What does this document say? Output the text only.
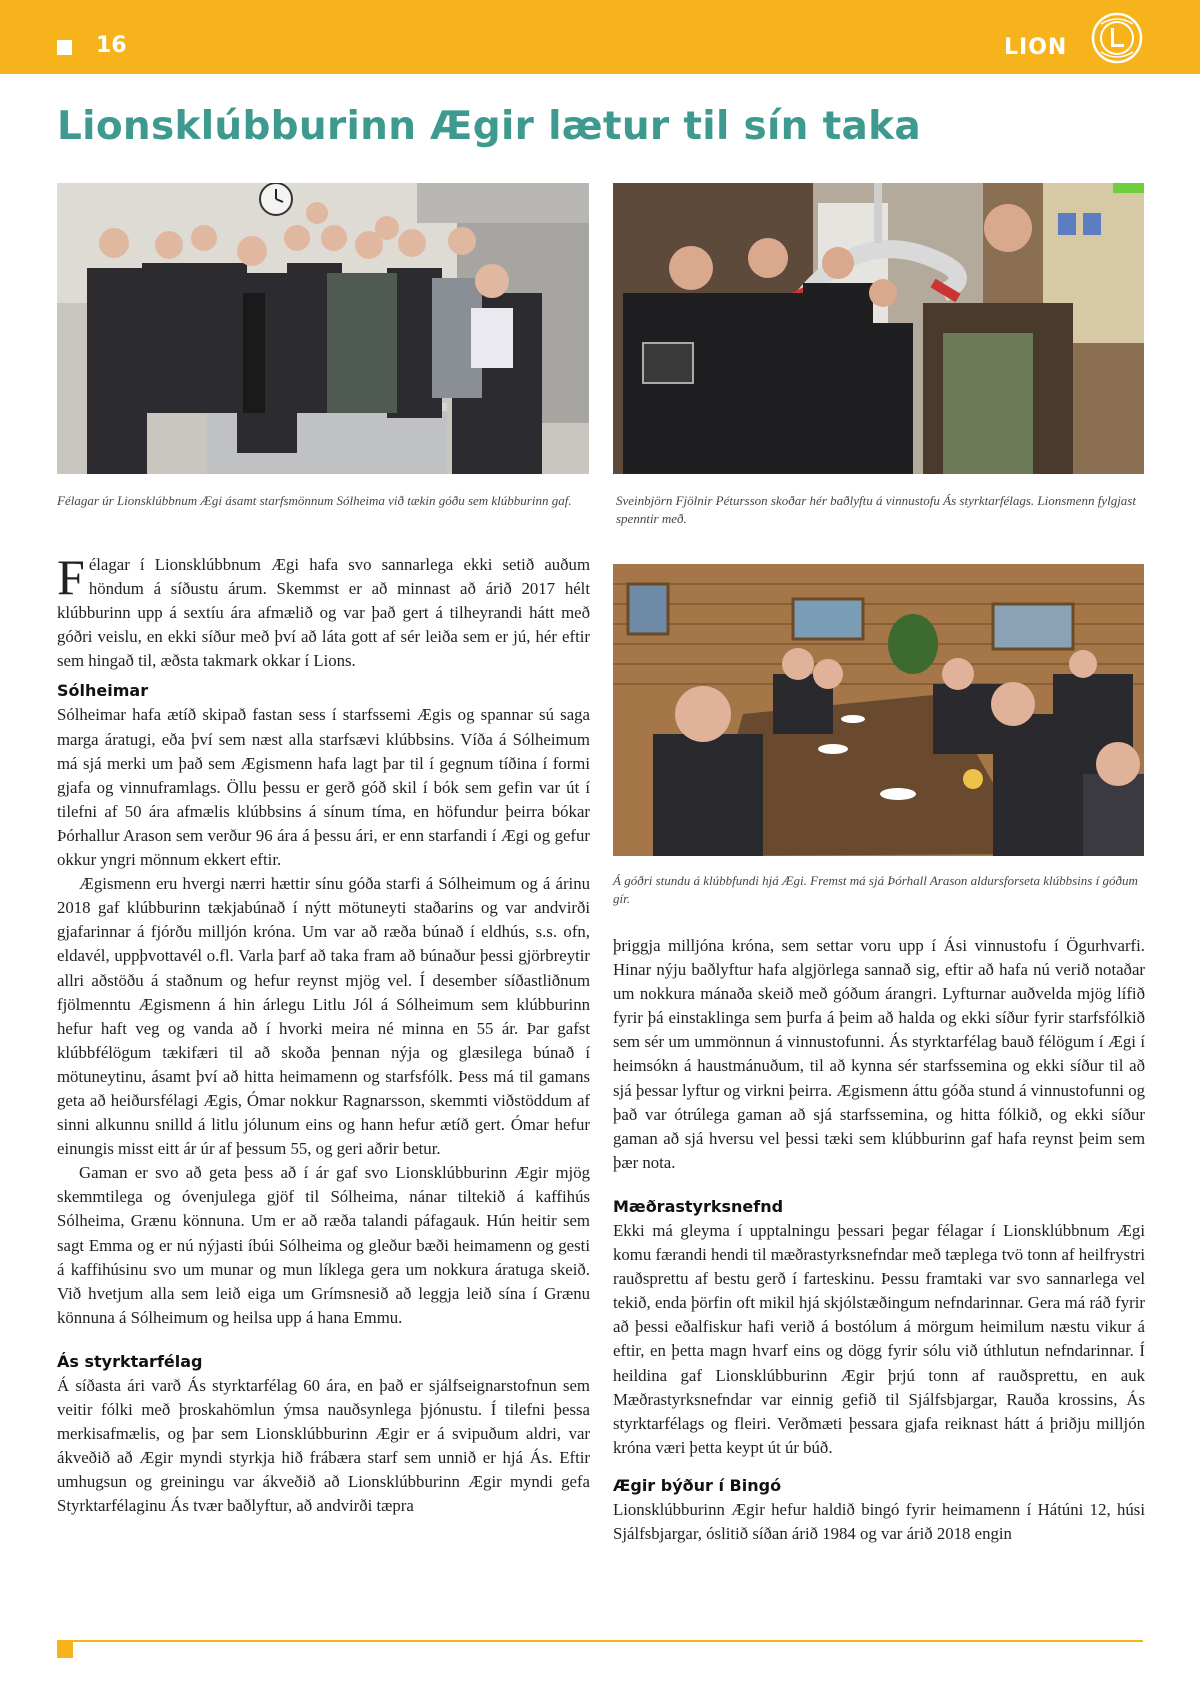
16	LION
Lionsklúbburinn Ægir lætur til sín taka

Félagar úr Lionsklúbbnum Ægi ásamt starfsmönnum Sólheima við tækin góðu sem klúbburinn gaf.	Sveinbjörn Fjölnir Pétursson skoðar hér baðlyftu á vinnustofu Ás styrktarfélags. Lionsmenn fylgjast spenntir með.

Á góðri stundu á klúbbfundi hjá Ægi. Fremst má sjá Þórhall Arason aldursforseta klúbbsins í góðum gír.

Félagar í Lionsklúbbnum Ægi hafa svo sannarlega ekki setið auðum höndum á síðustu árum. Skemmst er að minnast að árið 2017 hélt klúbburinn upp á sextíu ára afmælið og var það gert á tilheyrandi hátt með góðri veislu, en ekki síður með því að láta gott af sér leiða sem er jú, hér eftir sem hingað til, æðsta takmark okkar í Lions.

Sólheimar

Sólheimar hafa ætíð skipað fastan sess í starfssemi Ægis og spannar sú saga marga áratugi, eða því sem næst alla starfsævi klúbbsins. Víða á Sólheimum má sjá merki um það sem Ægismenn hafa lagt þar til í gegnum tíðina í formi gjafa og vinnuframlags. Öllu þessu er gerð góð skil í bók sem gefin var út í tilefni af 50 ára afmælis klúbbsins á sínum tíma, en höfundur þeirra bókar Þórhallur Arason sem verður 96 ára á þessu ári, er enn starfandi í Ægi og gefur okkur yngri mönnum ekkert eftir.

Ægismenn eru hvergi nærri hættir sínu góða starfi á Sólheimum og á árinu 2018 gaf klúbburinn tækjabúnað í nýtt mötuneyti staðarins og var andvirði gjafarinnar á fjórðu milljón króna. Um var að ræða búnað í eldhús, s.s. ofn, eldavél, uppþvottavél o.fl. Varla þarf að taka fram að búnaður þessi gjörbreytir allri aðstöðu á staðnum og hefur reynst mjög vel. Í desember síðastliðnum fjölmenntu Ægismenn á hin árlegu Litlu Jól á Sólheimum sem klúbburinn hefur haft veg og vanda að í hvorki meira né minna en 55 ár. Þar gafst klúbbfélögum tækifæri til að skoða þennan nýja og glæsilega búnað í mötuneytinu, ásamt því að hitta heimamenn og starfsfólk. Þess má til gamans geta að heiðursfélagi Ægis, Ómar nokkur Ragnarsson, skemmti viðstöddum af sinni alkunnu snilld á litlu jólunum eins og hann hefur ætíð gert. Ómar hefur einungis misst eitt ár úr af þessum 55, og geri aðrir betur.

Gaman er svo að geta þess að í ár gaf svo Lionsklúbburinn Ægir mjög skemmtilega og óvenjulega gjöf til Sólheima, nánar tiltekið á kaffihús Sólheima, Grænu könnuna. Um er að ræða talandi páfagauk. Hún heitir sem sagt Emma og er nú nýjasti íbúi Sólheima og gleður bæði heimamenn og gesti á kaffihúsinu svo um munar og mun líklega gera um nokkura áratuga skeið. Við hvetjum alla sem leið eiga um Grímsnesið að leggja leið sína í Grænu könnuna á Sólheimum og heilsa upp á hana Emmu.

Ás styrktarfélag

Á síðasta ári varð Ás styrktarfélag 60 ára, en það er sjálfseignarstofnun sem veitir fólki með þroskahömlun ýmsa nauðsynlega þjónustu. Í tilefni þessa merkisafmælis, og þar sem Lionsklúbburinn Ægir er á svipuðum aldri, var ákveðið að Ægir myndi styrkja hið frábæra starf sem unnið er hjá Ás. Eftir umhugsun og greiningu var ákveðið að Lionsklúbburinn Ægir myndi gefa Styrktarfélaginu Ás tvær baðlyftur, að andvirði tæpra

þriggja milljóna króna, sem settar voru upp í Ási vinnustofu í Ögurhvarfi. Hinar nýju baðlyftur hafa algjörlega sannað sig, eftir að hafa nú verið notaðar um nokkura mánaða skeið með góðum árangri. Lyfturnar auðvelda mjög lífið fyrir þá einstaklinga sem þurfa á þeim að halda og ekki síður fyrir starfsfólkið sem sér um ummönnun á vinnustofunni. Ás styrktarfélag bauð félögum í Ægi í heimsókn á haustmánuðum, til að kynna sér starfssemina og ekki síður til að sjá þessar lyftur og virkni þeirra. Ægismenn áttu góða stund á vinnustofunni og það var ótrúlega gaman að sjá starfssemina, og hitta fólkið, og ekki síður gaman að sjá hversu vel þessi tæki sem klúbburinn gaf hafa reynst þeim sem þær nota.

Mæðrastyrksnefnd

Ekki má gleyma í upptalningu þessari þegar félagar í Lionsklúbbnum Ægi komu færandi hendi til mæðrastyrksnefndar með tæplega tvö tonn af heilfrystri rauðsprettu af bestu gerð í farteskinu. Þessu framtaki var svo sannarlega vel tekið, enda þörfin oft mikil hjá skjólstæðingum nefndarinnar. Gera má ráð fyrir að þessi eðalfiskur hafi verið á bostólum á mörgum heimilum næstu vikur á eftir, en þetta magn hvarf eins og dögg fyrir sólu við úthlutun nefndarinnar. Í heildina gaf Lionsklúbburinn Ægir þrjú tonn af rauðsprettu, en auk Mæðrastyrksnefndar var einnig gefið til Sjálfsbjargar, Rauða krossins, Ás styrktarfélags og fleiri. Verðmæti þessara gjafa reiknast hátt á þriðju milljón króna væri þetta keypt út úr búð.

Ægir býður í Bingó

Lionsklúbburinn Ægir hefur haldið bingó fyrir heimamenn í Hátúni 12, húsi Sjálfsbjargar, óslitið síðan árið 1984 og var árið 2018 engin
